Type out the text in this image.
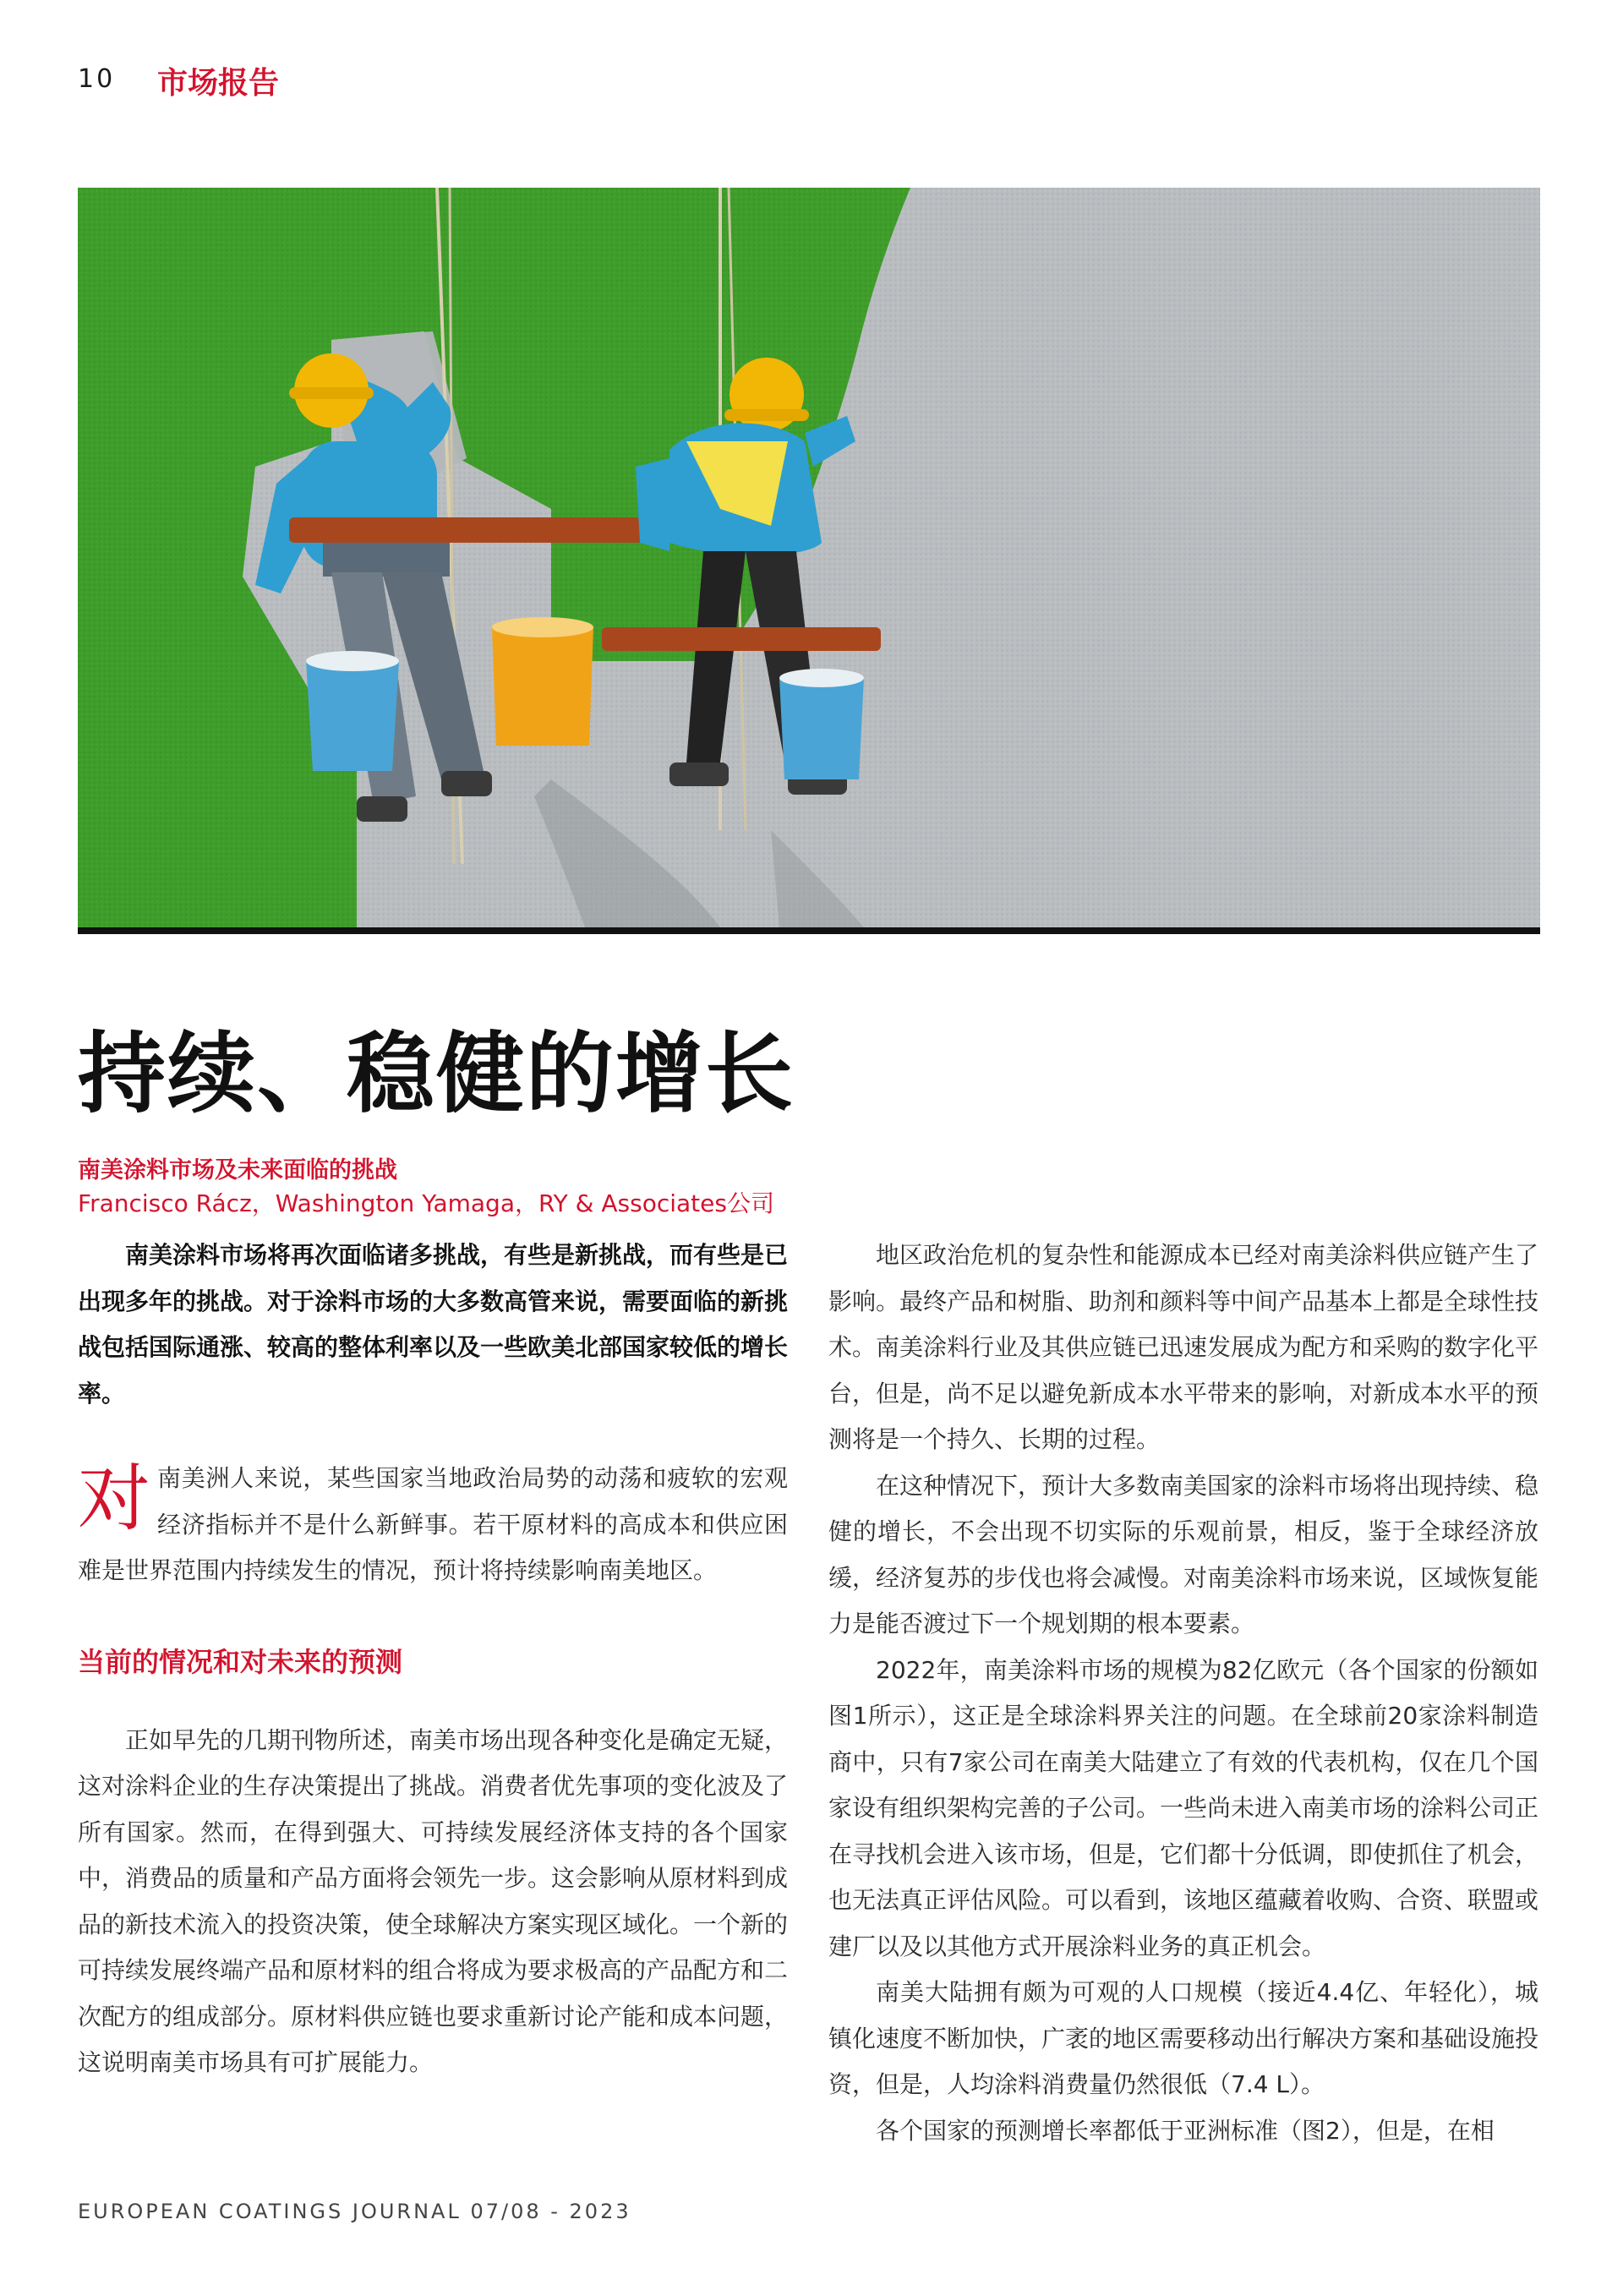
10 市场报告
持续、稳健的增长
南美涂料市场及未来面临的挑战
Francisco Rácz，Washington Yamaga，RY & Associates公司

南美涂料市场将再次面临诸多挑战，有些是新挑战，而有些是已出现多年的挑战。对于涂料市场的大多数高管来说，需要面临的新挑战包括国际通涨、较高的整体利率以及一些欧美北部国家较低的增长率。

对 南美洲人来说，某些国家当地政治局势的动荡和疲软的宏观经济指标并不是什么新鲜事。若干原材料的高成本和供应困难是世界范围内持续发生的情况，预计将持续影响南美地区。

当前的情况和对未来的预测

正如早先的几期刊物所述，南美市场出现各种变化是确定无疑，这对涂料企业的生存决策提出了挑战。消费者优先事项的变化波及了所有国家。然而，在得到强大、可持续发展经济体支持的各个国家中，消费品的质量和产品方面将会领先一步。这会影响从原材料到成品的新技术流入的投资决策，使全球解决方案实现区域化。一个新的可持续发展终端产品和原材料的组合将成为要求极高的产品配方和二次配方的组成部分。原材料供应链也要求重新讨论产能和成本问题，这说明南美市场具有可扩展能力。

地区政治危机的复杂性和能源成本已经对南美涂料供应链产生了影响。最终产品和树脂、助剂和颜料等中间产品基本上都是全球性技术。南美涂料行业及其供应链已迅速发展成为配方和采购的数字化平台，但是，尚不足以避免新成本水平带来的影响，对新成本水平的预测将是一个持久、长期的过程。

在这种情况下，预计大多数南美国家的涂料市场将出现持续、稳健的增长，不会出现不切实际的乐观前景，相反，鉴于全球经济放缓，经济复苏的步伐也将会减慢。对南美涂料市场来说，区域恢复能力是能否渡过下一个规划期的根本要素。

2022年，南美涂料市场的规模为82亿欧元（各个国家的份额如图1所示），这正是全球涂料界关注的问题。在全球前20家涂料制造商中，只有7家公司在南美大陆建立了有效的代表机构，仅在几个国家设有组织架构完善的子公司。一些尚未进入南美市场的涂料公司正在寻找机会进入该市场，但是，它们都十分低调，即使抓住了机会，也无法真正评估风险。可以看到，该地区蕴藏着收购、合资、联盟或建厂以及以其他方式开展涂料业务的真正机会。

南美大陆拥有颇为可观的人口规模（接近4.4亿、年轻化），城镇化速度不断加快，广袤的地区需要移动出行解决方案和基础设施投资，但是，人均涂料消费量仍然很低（7.4 L）。

各个国家的预测增长率都低于亚洲标准（图2），但是，在相

EUROPEAN COATINGS JOURNAL 07/08 - 2023
